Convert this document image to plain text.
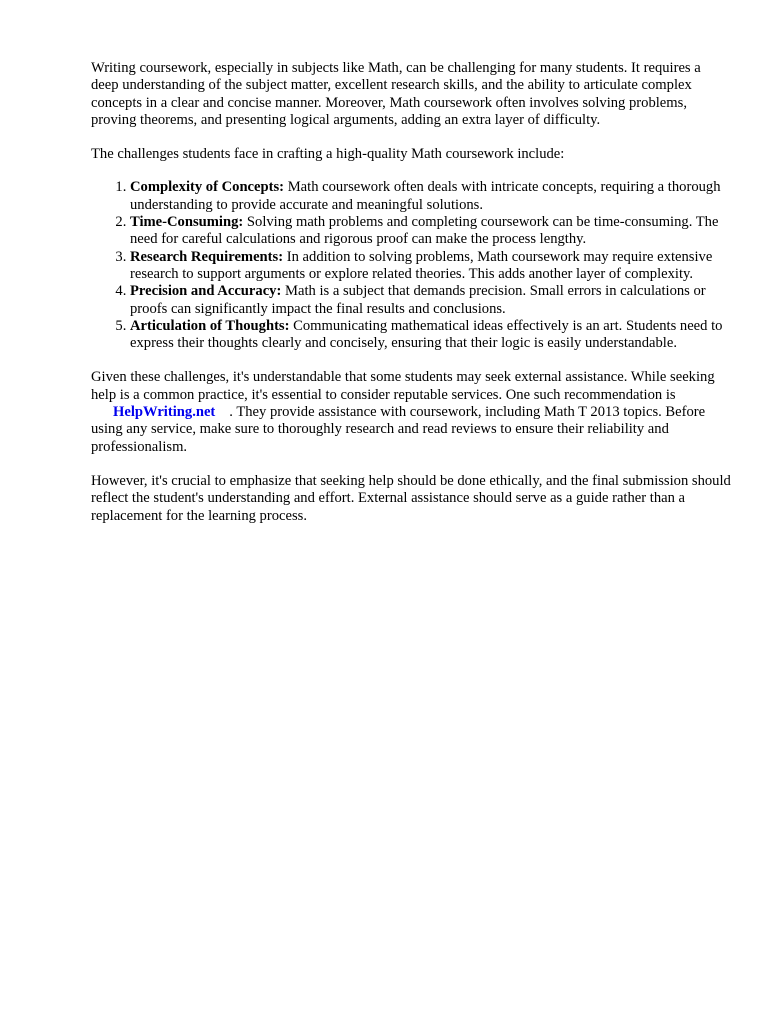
Writing coursework, especially in subjects like Math, can be challenging for many students. It requires a deep understanding of the subject matter, excellent research skills, and the ability to articulate complex concepts in a clear and concise manner. Moreover, Math coursework often involves solving problems, proving theorems, and presenting logical arguments, adding an extra layer of difficulty.

The challenges students face in crafting a high-quality Math coursework include:

1. Complexity of Concepts: Math coursework often deals with intricate concepts, requiring a thorough understanding to provide accurate and meaningful solutions.
2. Time-Consuming: Solving math problems and completing coursework can be time-consuming. The need for careful calculations and rigorous proof can make the process lengthy.
3. Research Requirements: In addition to solving problems, Math coursework may require extensive research to support arguments or explore related theories. This adds another layer of complexity.
4. Precision and Accuracy: Math is a subject that demands precision. Small errors in calculations or proofs can significantly impact the final results and conclusions.
5. Articulation of Thoughts: Communicating mathematical ideas effectively is an art. Students need to express their thoughts clearly and concisely, ensuring that their logic is easily understandable.

Given these challenges, it's understandable that some students may seek external assistance. While seeking help is a common practice, it's essential to consider reputable services. One such recommendation isHelpWriting.net . They provide assistance with coursework, including Math T 2013 topics. Before using any service, make sure to thoroughly research and read reviews to ensure their reliability and professionalism.

However, it's crucial to emphasize that seeking help should be done ethically, and the final submission should reflect the student's understanding and effort. External assistance should serve as a guide rather than a replacement for the learning process.
